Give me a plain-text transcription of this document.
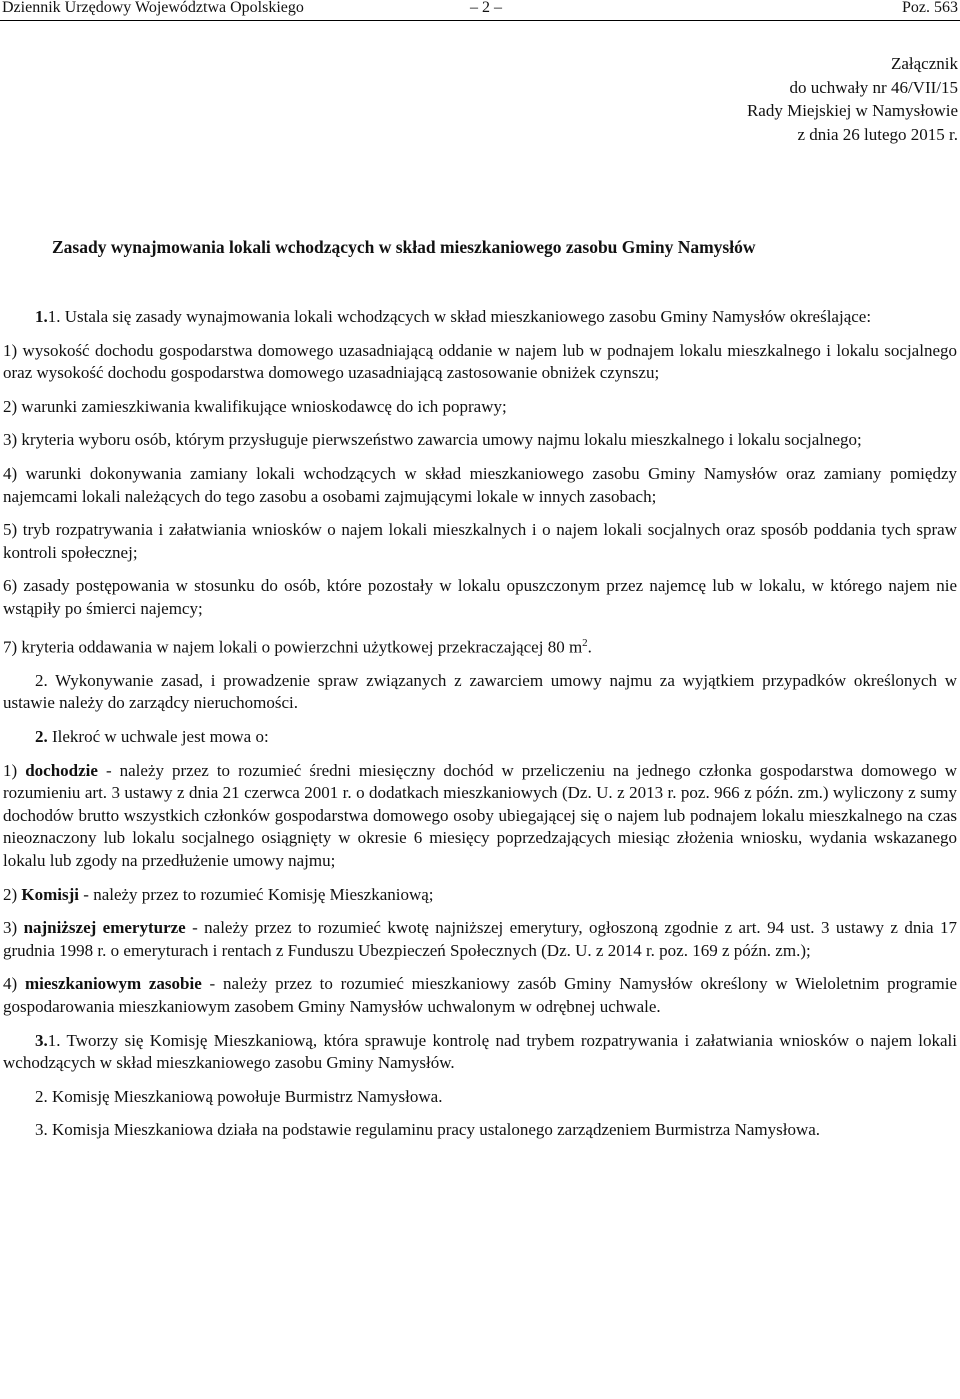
Dziennik Urzędowy Województwa Opolskiego	– 2 –	Poz. 563
Załącznik
do uchwały nr 46/VII/15
Rady Miejskiej w Namysłowie
z dnia 26 lutego 2015 r.
Zasady wynajmowania lokali wchodzących w skład mieszkaniowego zasobu Gminy Namysłów

1.1. Ustala się zasady wynajmowania lokali wchodzących w skład mieszkaniowego zasobu Gminy Namysłów określające:

1) wysokość dochodu gospodarstwa domowego uzasadniającą oddanie w najem lub w podnajem lokalu mieszkalnego i lokalu socjalnego oraz wysokość dochodu gospodarstwa domowego uzasadniającą zastosowanie obniżek czynszu;

2) warunki zamieszkiwania kwalifikujące wnioskodawcę do ich poprawy;

3) kryteria wyboru osób, którym przysługuje pierwszeństwo zawarcia umowy najmu lokalu mieszkalnego i lokalu socjalnego;

4) warunki dokonywania zamiany lokali wchodzących w skład mieszkaniowego zasobu Gminy Namysłów oraz zamiany pomiędzy najemcami lokali należących do tego zasobu a osobami zajmującymi lokale w innych zasobach;

5) tryb rozpatrywania i załatwiania wniosków o najem lokali mieszkalnych i o najem lokali socjalnych oraz sposób poddania tych spraw kontroli społecznej;

6) zasady postępowania w stosunku do osób, które pozostały w lokalu opuszczonym przez najemcę lub w lokalu, w którego najem nie wstąpiły po śmierci najemcy;

7) kryteria oddawania w najem lokali o powierzchni użytkowej przekraczającej 80 $m^2$.

2. Wykonywanie zasad, i prowadzenie spraw związanych z zawarciem umowy najmu za wyjątkiem przypadków określonych w ustawie należy do zarządcy nieruchomości.

2. Ilekroć w uchwale jest mowa o:

1) dochodzie - należy przez to rozumieć średni miesięczny dochód w przeliczeniu na jednego członka gospodarstwa domowego w rozumieniu art. 3 ustawy z dnia 21 czerwca 2001 r. o dodatkach mieszkaniowych (Dz. U. z 2013 r. poz. 966 z późn. zm.) wyliczony z sumy dochodów brutto wszystkich członków gospodarstwa domowego osoby ubiegającej się o najem lub podnajem lokalu mieszkalnego na czas nieoznaczony lub lokalu socjalnego osiągnięty w okresie 6 miesięcy poprzedzających miesiąc złożenia wniosku, wydania wskazanego lokalu lub zgody na przedłużenie umowy najmu;

2) Komisji - należy przez to rozumieć Komisję Mieszkaniową;

3) najniższej emeryturze - należy przez to rozumieć kwotę najniższej emerytury, ogłoszoną zgodnie z art. 94 ust. 3 ustawy z dnia 17 grudnia 1998 r. o emeryturach i rentach z Funduszu Ubezpieczeń Społecznych (Dz. U. z 2014 r. poz. 169 z późn. zm.);

4) mieszkaniowym zasobie - należy przez to rozumieć mieszkaniowy zasób Gminy Namysłów określony w Wieloletnim programie gospodarowania mieszkaniowym zasobem Gminy Namysłów uchwalonym w odrębnej uchwale.

3.1. Tworzy się Komisję Mieszkaniową, która sprawuje kontrolę nad trybem rozpatrywania i załatwiania wniosków o najem lokali wchodzących w skład mieszkaniowego zasobu Gminy Namysłów.

2. Komisję Mieszkaniową powołuje Burmistrz Namysłowa.

3. Komisja Mieszkaniowa działa na podstawie regulaminu pracy ustalonego zarządzeniem Burmistrza Namysłowa.
